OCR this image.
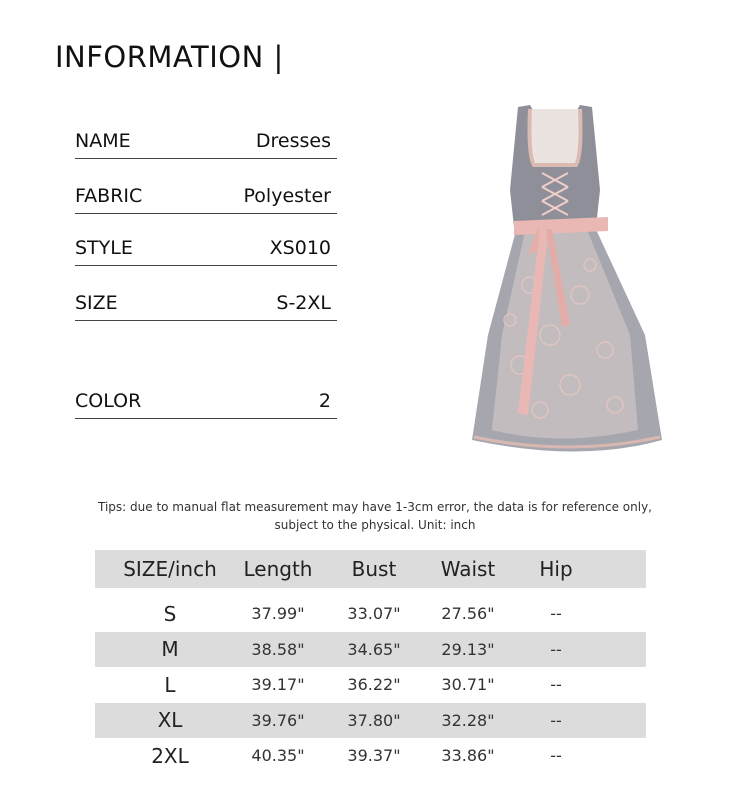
INFORMATION |
NAME	Dresses
FABRIC	Polyester
STYLE	XS010
SIZE	S-2XL
COLOR	2
Tips: due to manual flat measurement may have 1-3cm error, the data is for reference only,
subject to the physical. Unit: inch
SIZE/inch	Length	Bust	Waist	Hip
S	37.99"	33.07"	27.56"	--
M	38.58"	34.65"	29.13"	--
L	39.17"	36.22"	30.71"	--
XL	39.76"	37.80"	32.28"	--
2XL	40.35"	39.37"	33.86"	--
